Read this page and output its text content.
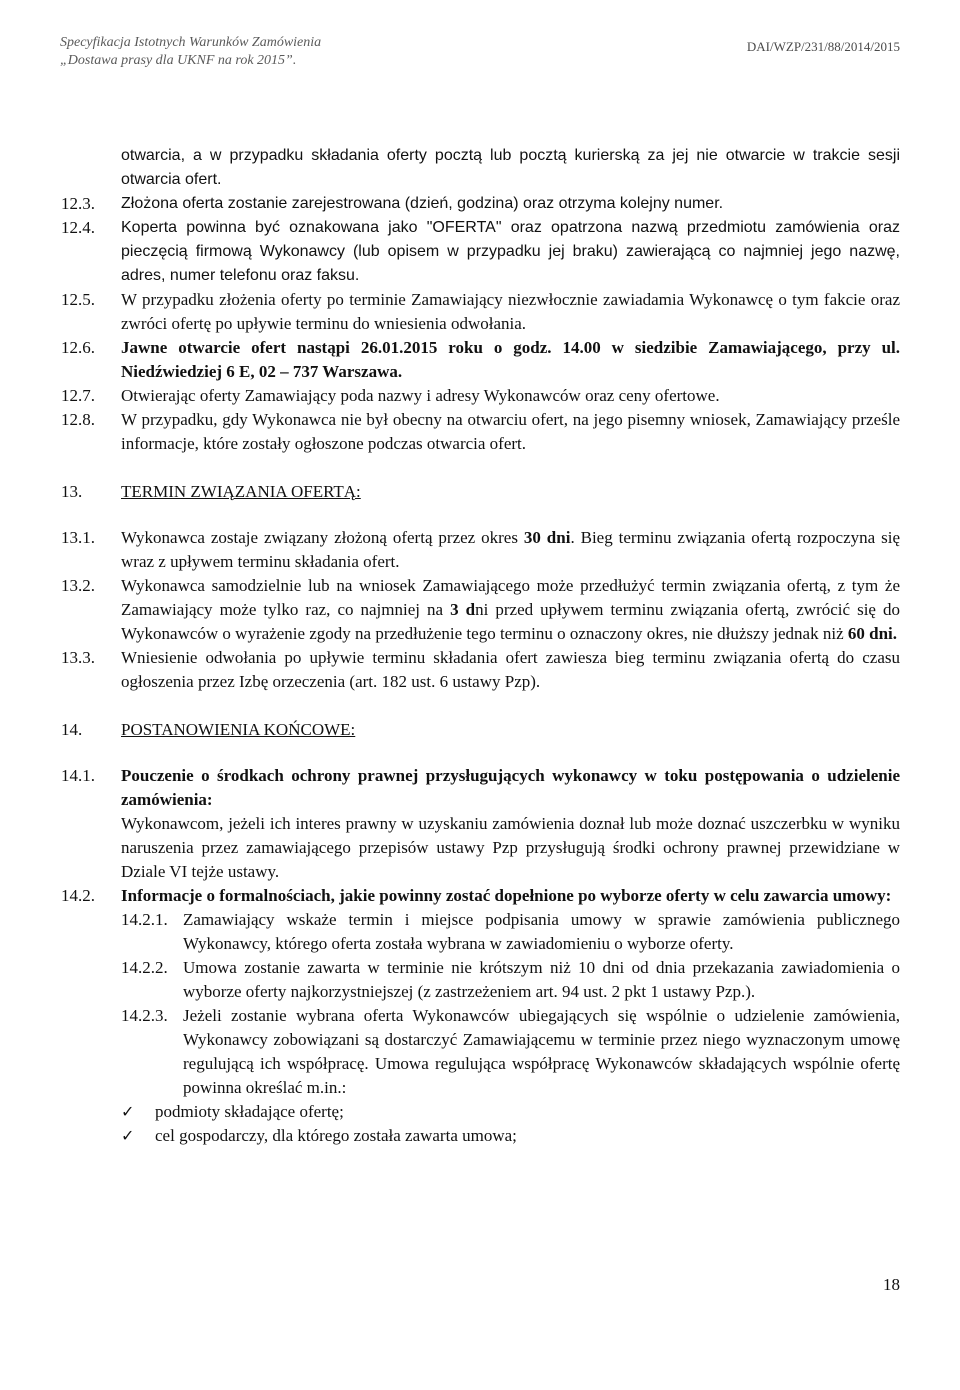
Specyfikacja Istotnych Warunków Zamówienia
„Dostawa prasy dla UKNF na rok 2015”.
DAI/WZP/231/88/2014/2015
otwarcia, a w przypadku składania oferty pocztą lub pocztą kurierską za jej nie otwarcie w trakcie sesji otwarcia ofert.
12.3.	Złożona oferta zostanie zarejestrowana (dzień, godzina) oraz otrzyma kolejny numer.
12.4.	Koperta powinna być oznakowana jako "OFERTA" oraz opatrzona nazwą przedmiotu zamówienia oraz pieczęcią firmową Wykonawcy (lub opisem w przypadku jej braku) zawierającą co najmniej jego nazwę, adres, numer telefonu oraz faksu.
12.5.	W przypadku złożenia oferty po terminie Zamawiający niezwłocznie zawiadamia Wykonawcę o tym fakcie oraz zwróci ofertę po upływie terminu do wniesienia odwołania.
12.6.	Jawne otwarcie ofert nastąpi 26.01.2015 roku o godz. 14.00 w siedzibie Zamawiającego, przy ul. Niedźwiedziej 6 E, 02 – 737 Warszawa.
12.7.	Otwierając oferty Zamawiający poda nazwy i adresy Wykonawców oraz ceny ofertowe.
12.8.	W przypadku, gdy Wykonawca nie był obecny na otwarciu ofert, na jego pisemny wniosek, Zamawiający prześle informacje, które zostały ogłoszone podczas otwarcia ofert.
13.	TERMIN ZWIĄZANIA OFERTĄ:
13.1.	Wykonawca zostaje związany złożoną ofertą przez okres 30 dni. Bieg terminu związania ofertą rozpoczyna się wraz z upływem terminu składania ofert.
13.2.	Wykonawca samodzielnie lub na wniosek Zamawiającego może przedłużyć termin związania ofertą, z tym że Zamawiający może tylko raz, co najmniej na 3 dni przed upływem terminu związania ofertą, zwrócić się do Wykonawców o wyrażenie zgody na przedłużenie tego terminu o oznaczony okres, nie dłuższy jednak niż 60 dni.
13.3.	Wniesienie odwołania po upływie terminu składania ofert zawiesza bieg terminu związania ofertą do czasu ogłoszenia przez Izbę orzeczenia (art. 182 ust. 6 ustawy Pzp).
14.	POSTANOWIENIA KOŃCOWE:
14.1.	Pouczenie o środkach ochrony prawnej przysługujących wykonawcy w toku postępowania o udzielenie zamówienia:
Wykonawcom, jeżeli ich interes prawny w uzyskaniu zamówienia doznał lub może doznać uszczerbku w wyniku naruszenia przez zamawiającego przepisów ustawy Pzp przysługują środki ochrony prawnej przewidziane w Dziale VI tejże ustawy.
14.2.	Informacje o formalnościach, jakie powinny zostać dopełnione po wyborze oferty w celu zawarcia umowy:
14.2.1. Zamawiający wskaże termin i miejsce podpisania umowy w sprawie zamówienia publicznego Wykonawcy, którego oferta została wybrana w zawiadomieniu o wyborze oferty.
14.2.2. Umowa zostanie zawarta w terminie nie krótszym niż 10 dni od dnia przekazania zawiadomienia o wyborze oferty najkorzystniejszej (z zastrzeżeniem art. 94 ust. 2 pkt 1 ustawy Pzp.).
14.2.3. Jeżeli zostanie wybrana oferta Wykonawców ubiegających się wspólnie o udzielenie zamówienia, Wykonawcy zobowiązani są dostarczyć Zamawiającemu w terminie przez niego wyznaczonym umowę regulującą ich współpracę. Umowa regulująca współpracę Wykonawców składających wspólnie ofertę powinna określać m.in.:
✓	podmioty składające ofertę;
✓	cel gospodarczy, dla którego została zawarta umowa;
18
